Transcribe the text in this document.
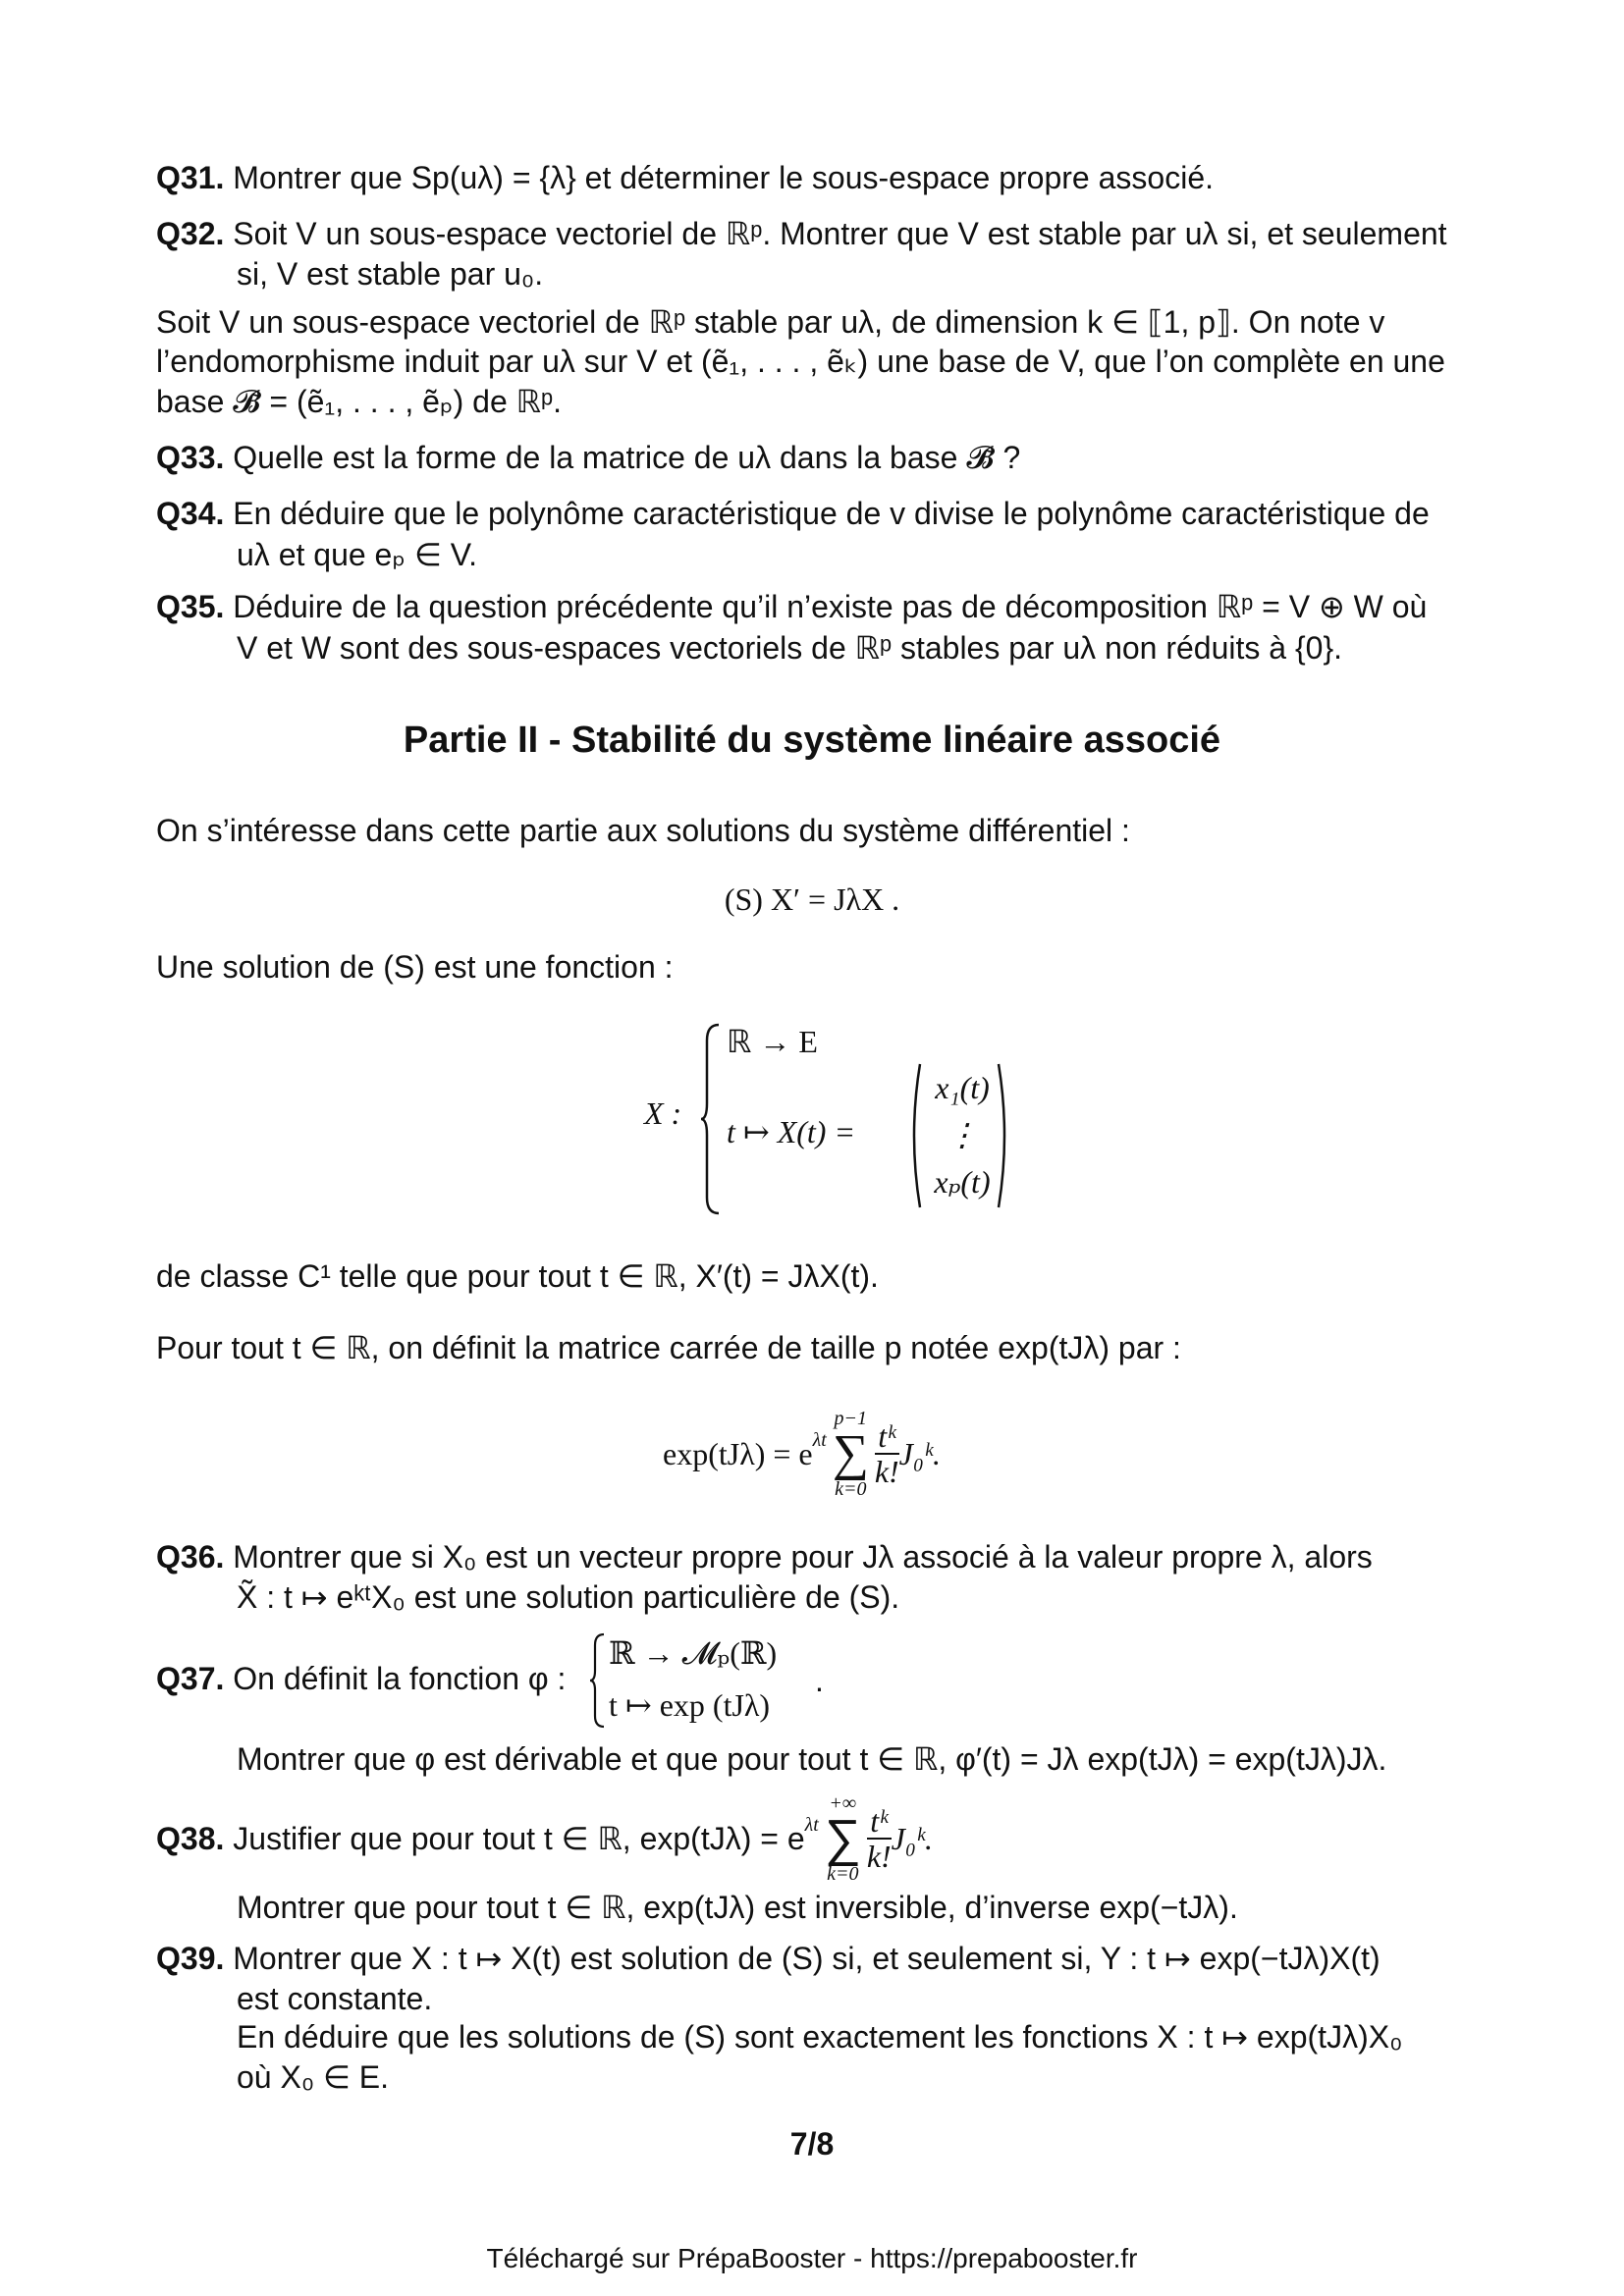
Q31. Montrer que Sp(uλ) = {λ} et déterminer le sous-espace propre associé.
Q32. Soit V un sous-espace vectoriel de ℝᵖ. Montrer que V est stable par uλ si, et seulement
si, V est stable par u₀.
Soit V un sous-espace vectoriel de ℝᵖ stable par uλ, de dimension k ∈ ⟦1, p⟧. On note v
l’endomorphisme induit par uλ sur V et (ẽ₁, . . . , ẽₖ) une base de V, que l’on complète en une
base 𝓑̃ = (ẽ₁, . . . , ẽₚ) de ℝᵖ.
Q33. Quelle est la forme de la matrice de uλ dans la base 𝓑̃ ?
Q34. En déduire que le polynôme caractéristique de v divise le polynôme caractéristique de
uλ et que eₚ ∈ V.
Q35. Déduire de la question précédente qu’il n’existe pas de décomposition ℝᵖ = V ⊕ W où
V et W sont des sous-espaces vectoriels de ℝᵖ stables par uλ non réduits à {0}.
Partie II - Stabilité du système linéaire associé
On s’intéresse dans cette partie aux solutions du système différentiel :
(S) X′ = JλX .
Une solution de (S) est une fonction :
X :
ℝ → E
t ↦ X(t) =
x₁(t)
⋮
xₚ(t)
de classe C¹ telle que pour tout t ∈ ℝ, X′(t) = JλX(t).
Pour tout t ∈ ℝ, on définit la matrice carrée de taille p notée exp(tJλ) par :
$\exp(tJ\lambda) = e^{\lambda t}$
p−1
∑
k=0
$\frac{\text{tᵏ}}{k!}$ J₀ᵏ.
Q36. Montrer que si X₀ est un vecteur propre pour Jλ associé à la valeur propre λ, alors
X̃ : t ↦ eᵏᵗX₀ est une solution particulière de (S).
Q37. On définit la fonction φ :
ℝ → 𝓜ₚ(ℝ)
t ↦ exp (tJλ)
.
Montrer que φ est dérivable et que pour tout t ∈ ℝ, φ′(t) = Jλ exp(tJλ) = exp(tJλ)Jλ.
Q38.
Justifier que pour tout t ∈ ℝ, $\exp(tJ\lambda) = e^{\lambda t}$
+∞
∑
k=0
$\frac{\text{tᵏ}}{k!}$ J₀ᵏ.
Montrer que pour tout t ∈ ℝ, exp(tJλ) est inversible, d’inverse exp(−tJλ).
Q39. Montrer que X : t ↦ X(t) est solution de (S) si, et seulement si, Y : t ↦ exp(−tJλ)X(t)
est constante.
En déduire que les solutions de (S) sont exactement les fonctions X : t ↦ exp(tJλ)X₀
où X₀ ∈ E.
7/8
Téléchargé sur PrépaBooster - https://prepabooster.fr
